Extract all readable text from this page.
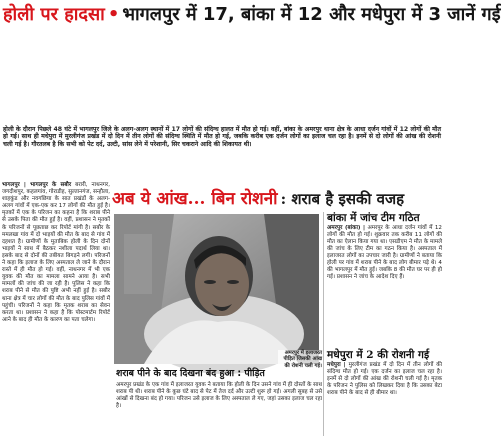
होली पर हादसा • भागलपुर में 17, बांका में 12 और मधेपुरा में 3 जानें गई
होली के दौरान पिछले 48 घंटे में भागलपुर जिले के अलग-अलग स्थानों में 17 लोगों की संदिग्ध हालत में मौत हो गई। वहीं, बांका के अमरपुर थाना क्षेत्र के आधा दर्जन गांवों में 12 लोगों की मौत हो गई। साथ ही मधेपुरा में मुरलीगंज प्रखंड में दो दिन में तीन लोगों की संदिग्ध स्थिति में मौत हो गई, जबकि करीब एक दर्जन लोगों का इलाज चल रहा है। इनमें से दो लोगों की आंख की रोशनी चली गई है। गौरतलब है कि सभी को पेट दर्द, उल्टी, सांस लेने में परेशानी, सिर चकराने आदि की शिकायत थी।
अब ये आंख... बिन रोशनी : शराब है इसकी वजह
भागलपुर | भागलपुर के सबौर बरारी, नाथनगर, जगदीशपुर, कहलगांव, गोराडीह, सुल्तानगंज, सन्हौला, शाहकुंड और नवगछिया के सात प्रखंडों के अलग-अलग गांवों में एक-एक कर 17 लोगों की मौत हुई है। मृतकों में एक के परिजन का कहना है कि शराब पीने से उसके पिता की मौत हुई है। वहीं, प्रशासन ने मृतकों के परिजनों से पूछताछ कर रिपोर्ट मांगी है। सबौर के ममलखा गांव में दो भाइयों की मौत के बाद से गांव में दहशत है। ग्रामीणों के मुताबिक होली के दिन दोनों भाइयों ने साथ में बैठकर नशीला पदार्थ लिया था। इसके बाद से दोनों की तबीयत बिगड़ने लगी। परिजनों ने कहा कि इलाज के लिए अस्पताल ले जाने के दौरान रास्ते में ही मौत हो गई। वहीं, नाथनगर में भी एक युवक की मौत का मामला सामने आया है। सभी मामलों की जांच की जा रही है। पुलिस ने कहा कि शराब पीने से मौत की पुष्टि अभी नहीं हुई है। सबौर थाना क्षेत्र में चार लोगों की मौत के बाद पुलिस गांवों में पहुंची। परिजनों ने कहा कि मृतक शराब का सेवन करता था। प्रशासन ने कहा है कि पोस्टमार्टम रिपोर्ट आने के बाद ही मौत के कारण का पता चलेगा।
अमरपुर में इलाजरत पीड़ित जिसकी आंख की रोशनी चली गई।
शराब पीने के बाद दिखना बंद हुआ : पीड़ित
अमरपुर प्रखंड के एक गांव में इलाजरत युवक ने बताया कि होली के दिन उसने गांव में ही दोस्तों के साथ शराब पी थी। शराब पीने के कुछ घंटे बाद से पेट में तेज दर्द और उल्टी शुरू हो गई। अगली सुबह से उसे आंखों से दिखना बंद हो गया। परिजन उसे इलाज के लिए अस्पताल ले गए, जहां उसका इलाज चल रहा है।
बांका में जांच टीम गठित
अमरपुर (बांका) | अमरपुर के आधा दर्जन गांवों में 12 लोगों की मौत हो गई। शुक्रवार तक करीब 11 लोगों की मौत का ऐलान किया गया था। एसडीएम ने मौत के मामले की जांच के लिए टीम का गठन किया है। अस्पताल में इलाजरत लोगों का उपचार जारी है। ग्रामीणों ने बताया कि होली पर गांव में शराब पीने के बाद लोग बीमार पड़े थे। 4 की भागलपुर में मौत हुई। जबकि 8 की मौत घर पर ही हो गई। प्रशासन ने जांच के आदेश दिए हैं।
मधेपुरा में 2 की रोशनी गई
मधेपुरा | मुरलीगंज प्रखंड में दो दिन में तीन लोगों की संदिग्ध मौत हो गई। एक दर्जन का इलाज चल रहा है। इनमें से दो लोगों की आंख की रोशनी चली गई है। मृतक के परिजन ने पुलिस को लिखकर दिया है कि उसका बेटा शराब पीने के बाद से ही बीमार था।
